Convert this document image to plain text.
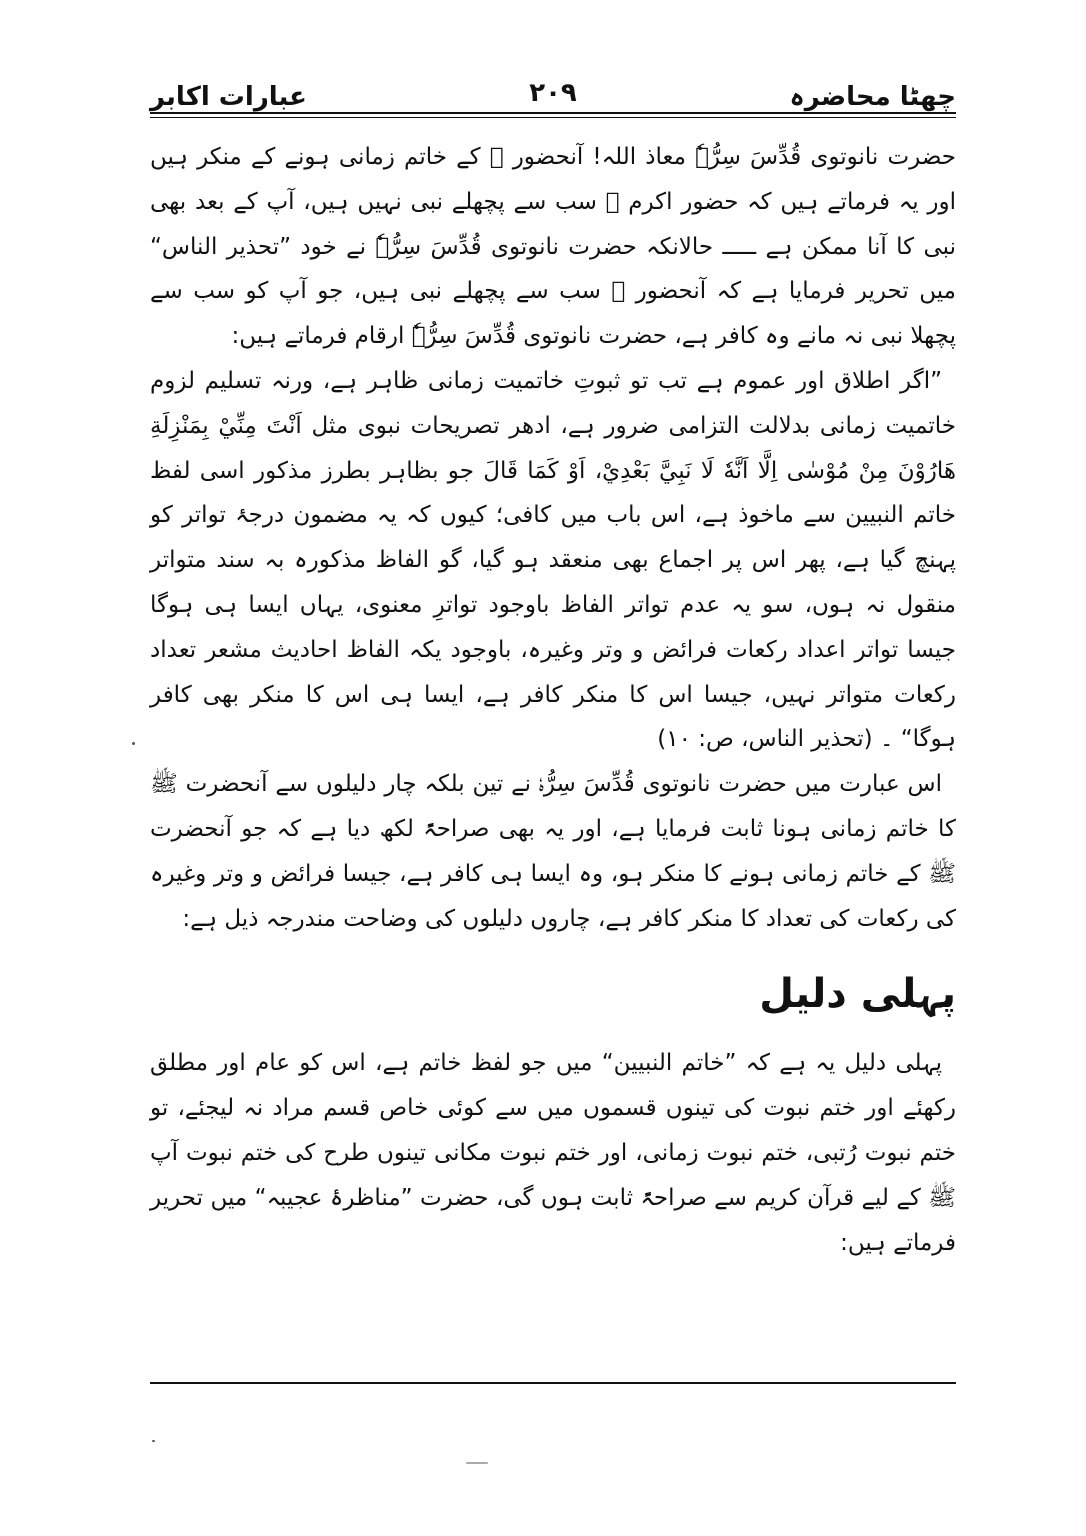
چھٹا محاضرہ
۲۰۹
عبارات اکابر

حضرت نانوتوی قُدِّسَ سِرُّہٗ معاذ اللہ! آنحضور ﷺ کے خاتم زمانی ہونے کے منکر ہیں اور یہ فرماتے ہیں کہ حضور اکرم ﷺ سب سے پچھلے نبی نہیں ہیں، آپ کے بعد بھی نبی کا آنا ممکن ہے ـــــ حالانکہ حضرت نانوتوی قُدِّسَ سِرُّہٗ نے خود ”تحذیر الناس“ میں تحریر فرمایا ہے کہ آنحضور ﷺ سب سے پچھلے نبی ہیں، جو آپ کو سب سے پچھلا نبی نہ مانے وہ کافر ہے، حضرت نانوتوی قُدِّسَ سِرُّہٗ ارقام فرماتے ہیں:

”اگر اطلاق اور عموم ہے تب تو ثبوتِ خاتمیت زمانی ظاہر ہے، ورنہ تسلیم لزوم خاتمیت زمانی بدلالت التزامی ضرور ہے، ادھر تصریحات نبوی مثل اَنْتَ مِنِّيْ بِمَنْزِلَةِ هَارُوْنَ مِنْ مُوْسٰى اِلَّا اَنَّهٗ لَا نَبِيَّ بَعْدِيْ، اَوْ كَمَا قَالَ جو بظاہر بطرز مذکور اسی لفظ خاتم النبیین سے ماخوذ ہے، اس باب میں کافی؛ کیوں کہ یہ مضمون درجۂ تواتر کو پہنچ گیا ہے، پھر اس پر اجماع بھی منعقد ہو گیا، گو الفاظ مذکورہ بہ سند متواتر منقول نہ ہوں، سو یہ عدم تواتر الفاظ باوجود تواترِ معنوی، یہاں ایسا ہی ہوگا جیسا تواتر اعداد رکعات فرائض و وتر وغیرہ، باوجود یکہ الفاظ احادیث مشعر تعداد رکعات متواتر نہیں، جیسا اس کا منکر کافر ہے، ایسا ہی اس کا منکر بھی کافر ہوگا“ ۔ (تحذیر الناس، ص: ۱۰)

اس عبارت میں حضرت نانوتوی قُدِّسَ سِرُّہٗ نے تین بلکہ چار دلیلوں سے آنحضرت ﷺ کا خاتم زمانی ہونا ثابت فرمایا ہے، اور یہ بھی صراحۃً لکھ دیا ہے کہ جو آنحضرت ﷺ کے خاتم زمانی ہونے کا منکر ہو، وہ ایسا ہی کافر ہے، جیسا فرائض و وتر وغیرہ کی رکعات کی تعداد کا منکر کافر ہے، چاروں دلیلوں کی وضاحت مندرجہ ذیل ہے:

پہلی دلیل

پہلی دلیل یہ ہے کہ ”خاتم النبیین“ میں جو لفظ خاتم ہے، اس کو عام اور مطلق رکھئے اور ختم نبوت کی تینوں قسموں میں سے کوئی خاص قسم مراد نہ لیجئے، تو ختم نبوت رُتبی، ختم نبوت زمانی، اور ختم نبوت مکانی تینوں طرح کی ختم نبوت آپ ﷺ کے لیے قرآن کریم سے صراحۃً ثابت ہوں گی، حضرت ”مناظرۂ عجیبہ“ میں تحریر فرماتے ہیں:
